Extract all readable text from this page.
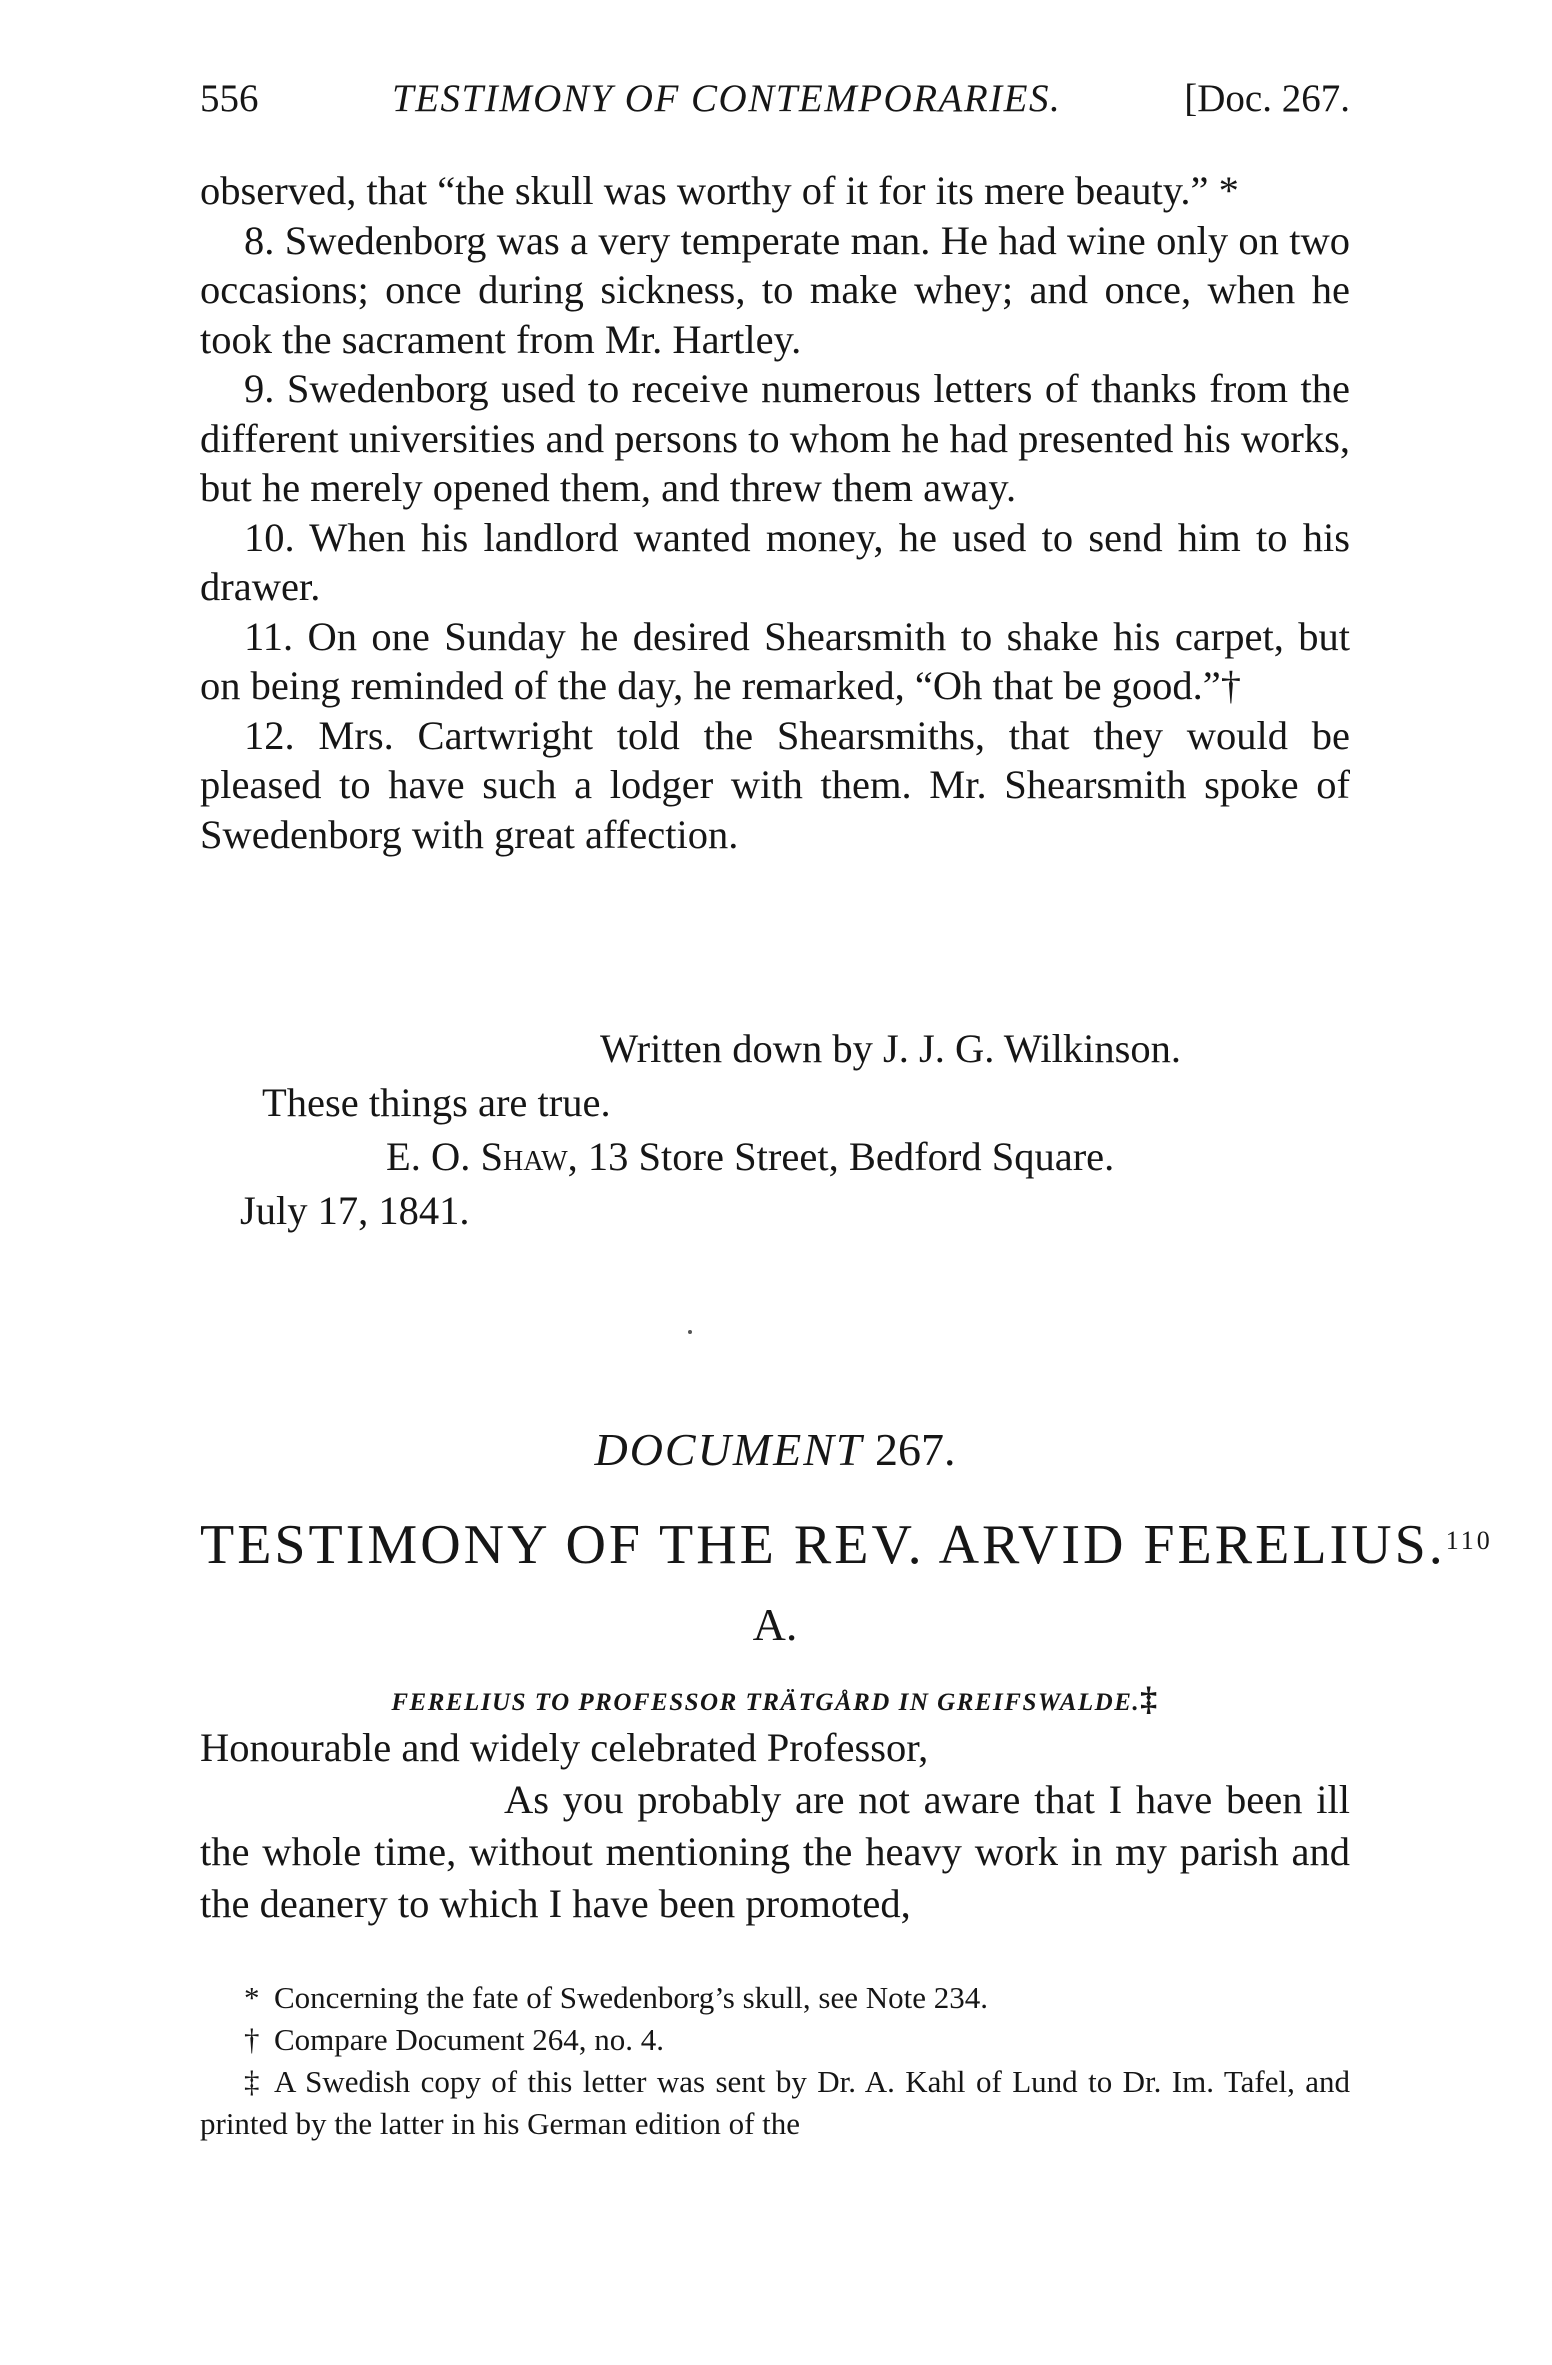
556	TESTIMONY OF CONTEMPORARIES.	[Doc. 267.

observed, that “the skull was worthy of it for its mere beauty.” *

8. Swedenborg was a very temperate man. He had wine only on two occasions; once during sickness, to make whey; and once, when he took the sacrament from Mr. Hartley.

9. Swedenborg used to receive numerous letters of thanks from the different universities and persons to whom he had presented his works, but he merely opened them, and threw them away.

10. When his landlord wanted money, he used to send him to his drawer.

11. On one Sunday he desired Shearsmith to shake his carpet, but on being reminded of the day, he remarked, “Oh that be good.”†

12. Mrs. Cartwright told the Shearsmiths, that they would be pleased to have such a lodger with them. Mr. Shearsmith spoke of Swedenborg with great affection.

Written down by J. J. G. Wilkinson.
These things are true.
E. O. Shaw, 13 Store Street, Bedford Square.
July 17, 1841.
DOCUMENT 267.
TESTIMONY OF THE REV. ARVID FERELIUS.$^{110}$
A.
FERELIUS TO PROFESSOR TRÄTGÅRD IN GREIFSWALDE.‡

Honourable and widely celebrated Professor,

As you probably are not aware that I have been ill the whole time, without mentioning the heavy work in my parish and the deanery to which I have been promoted,

* Concerning the fate of Swedenborg’s skull, see Note 234.

† Compare Document 264, no. 4.

‡ A Swedish copy of this letter was sent by Dr. A. Kahl of Lund to Dr. Im. Tafel, and printed by the latter in his German edition of the
